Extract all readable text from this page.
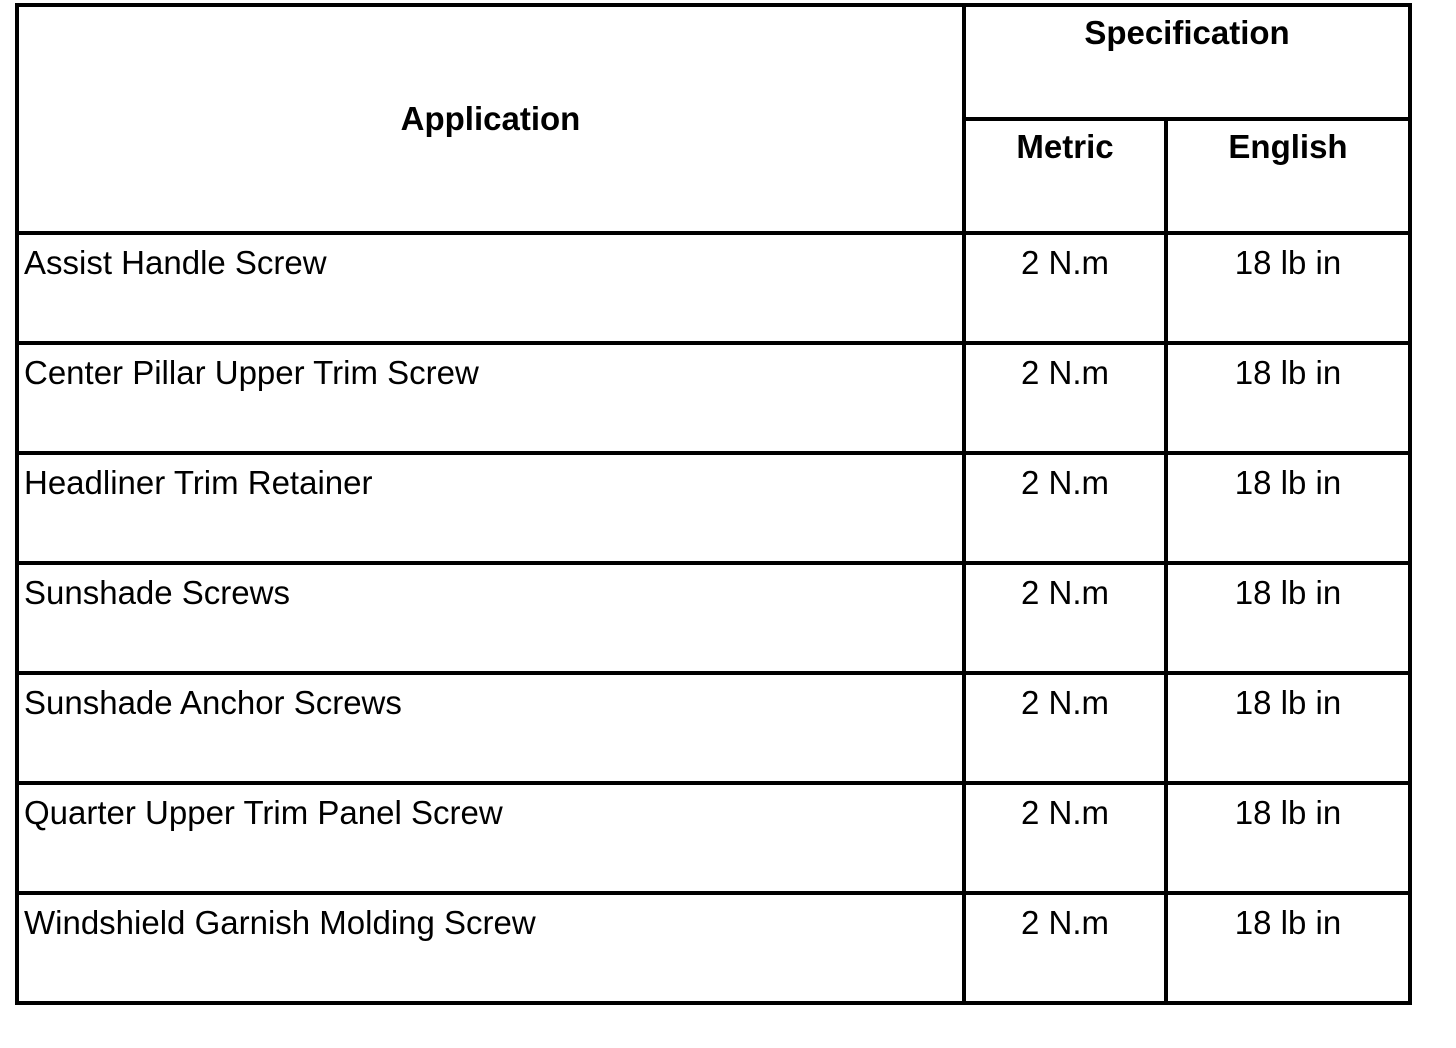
Application	Specification	
	Metric	English
Assist Handle Screw	2 N.m	18 lb in
Center Pillar Upper Trim Screw	2 N.m	18 lb in
Headliner Trim Retainer	2 N.m	18 lb in
Sunshade Screws	2 N.m	18 lb in
Sunshade Anchor Screws	2 N.m	18 lb in
Quarter Upper Trim Panel Screw	2 N.m	18 lb in
Windshield Garnish Molding Screw	2 N.m	18 lb in
